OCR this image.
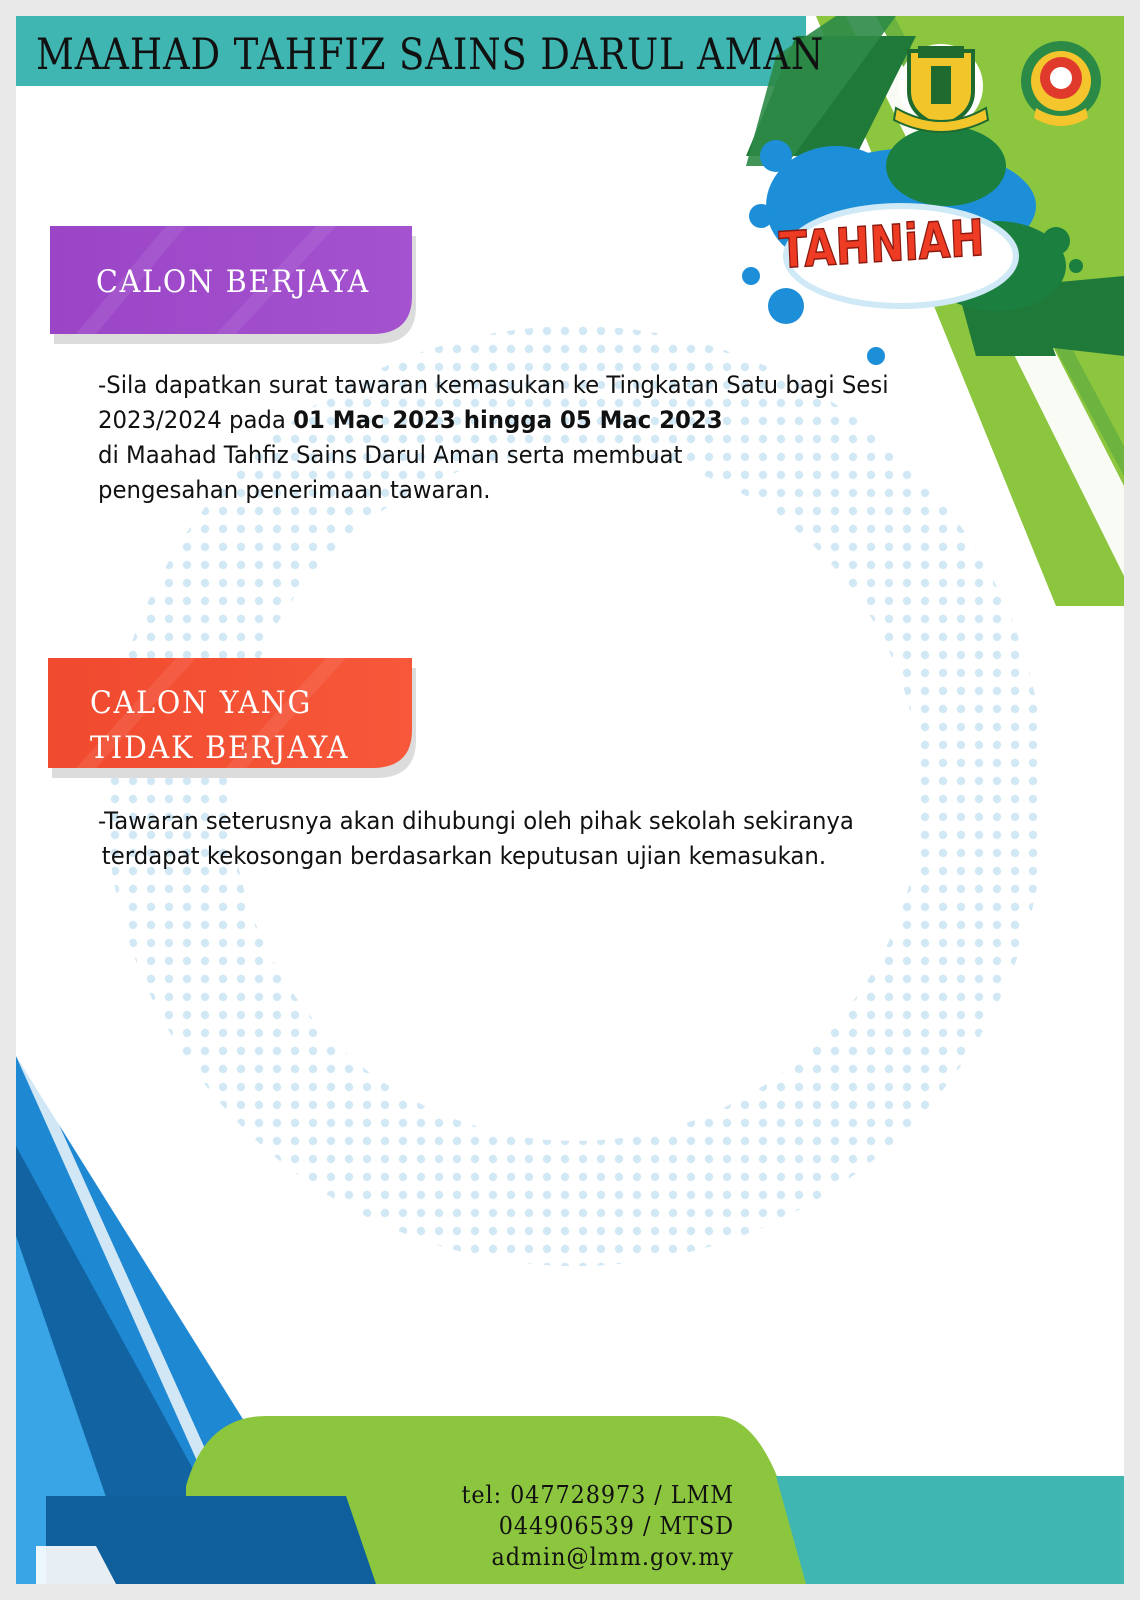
MAAHAD TAHFIZ SAINS DARUL AMAN
TAHNiAH
CALON BERJAYA
-Sila dapatkan surat tawaran kemasukan ke Tingkatan Satu bagi Sesi
2023/2024 pada 01 Mac 2023 hingga 05 Mac 2023
di Maahad Tahfiz Sains Darul Aman serta membuat
pengesahan penerimaan tawaran.
CALON YANG
TIDAK BERJAYA
-Tawaran seterusnya akan dihubungi oleh pihak sekolah sekiranya
terdapat kekosongan berdasarkan keputusan ujian kemasukan.
tel: 047728973 / LMM
044906539 / MTSD
admin@lmm.gov.my
